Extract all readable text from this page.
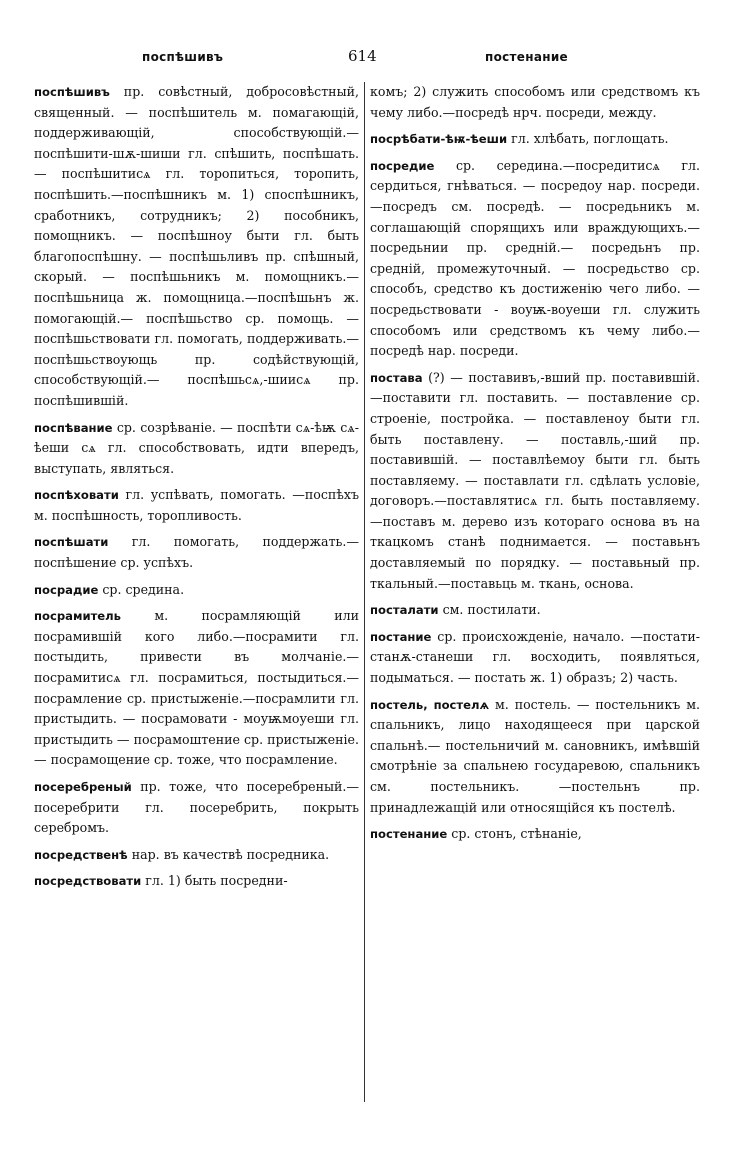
поспѣшивъ	614	постенание

поспѣшивъ пр. совѣстный, добросовѣстный, священный. — поспѣшитель м. помагающій, поддерживающій, способствующій.—поспѣшити-шѫ-шиши гл. спѣшить, поспѣшать. — поспѣшитисѧ гл. торопиться, торопить, поспѣшить.—поспѣшникъ м. 1) споспѣшникъ, сработникъ, сотрудникъ; 2) пособникъ, помощникъ. — поспѣшноу быти гл. быть благопоспѣшну. — поспѣшьливъ пр. спѣшный, скорый. — поспѣшьникъ м. помощникъ.—поспѣшьница ж. помощница.—поспѣшьнъ ж. помогающій.— поспѣшьство ср. помощь. — поспѣшьствовати гл. помогать, поддерживать.—поспѣшьствоующь пр. содѣйствующій, способствующій.— поспѣшьсѧ,-шиисѧ пр. поспѣшившій.

поспѣвание ср. созрѣваніе. — поспѣти сѧ-ѣѭ сѧ-ѣеши сѧ гл. способствовать, идти впередъ, выступать, являться.

поспѣховати гл. успѣвать, помогать. —поспѣхъ м. поспѣшность, торопливость.

поспѣшати гл. помогать, поддержать.—поспѣшение ср. успѣхъ.

посрадие ср. средина.

посрамитель м. посрамляющій или посрамившій кого либо.—посрамити гл. постыдить, привести въ молчаніе.—посрамитисѧ гл. посрамиться, постыдиться.—посрамлениe ср. пристыженіе.—посрамлити гл. пристыдить. — посрамовати - моуѭмоуеши гл. пристыдить — посрамоштение ср. пристыженіе. — посрамощение ср. тоже, что посрамление.

посеребреный пр. тоже, что посеребреный.—посеребрити гл. посеребрить, покрыть серебромъ.

посредственѣ нар. въ качествѣ посредника.

посредствовати гл. 1) быть посредни-

комъ; 2) служить способомъ или средствомъ къ чему либо.—посредѣ нрч. посреди, между.

посрѣбати-ѣѭ-ѣеши гл. хлѣбать, поглощать.

посредие ср. середина.—посредитисѧ гл. сердиться, гнѣваться. — посредоу нар. посреди.—посредъ см. посредѣ. — посредьникъ м. соглашающій спорящихъ или враждующихъ.—посредьнии пр. средній.— посредьнъ пр. средній, промежуточный. — посредьство ср. способъ, средство къ достиженію чего либо. — посредьствовати - воуѭ-воуеши гл. служить способомъ или средствомъ къ чему либо.—посредѣ нар. посреди.

постава (?) — поставивъ,-вший пр. поставившій.—поставити гл. поставить. — поставление ср. строеніе, постройка. — поставленоу быти гл. быть поставлену. — поставль,-ший пр. поставившій. — поставлѣемоу быти гл. быть поставляему. — поставлати гл. сдѣлать условіе, договоръ.—поставлятисѧ гл. быть поставляему.—поставъ м. дерево изъ котораго основа въ на ткацкомъ станѣ поднимается. — поставьнъ доставляемый по порядку. — поставьный пр. ткальный.—поставьць м. ткань, основа.

посталати см. постилати.

постание ср. происхожденіе, начало. —постати-станѫ-станеши гл. восходить, появляться, подыматься. — постать ж. 1) образъ; 2) часть.

постель, постелѧ м. постель. — постельникъ м. спальникъ, лицо находящееся при царской спальнѣ.— постельничий м. сановникъ, имѣвшій смотрѣніе за спальнею государевою, спальникъ см. постельникъ. —постельнъ пр. принадлежащій или относящійся къ постелѣ.

постенание ср. стонъ, стѣнаніе,
